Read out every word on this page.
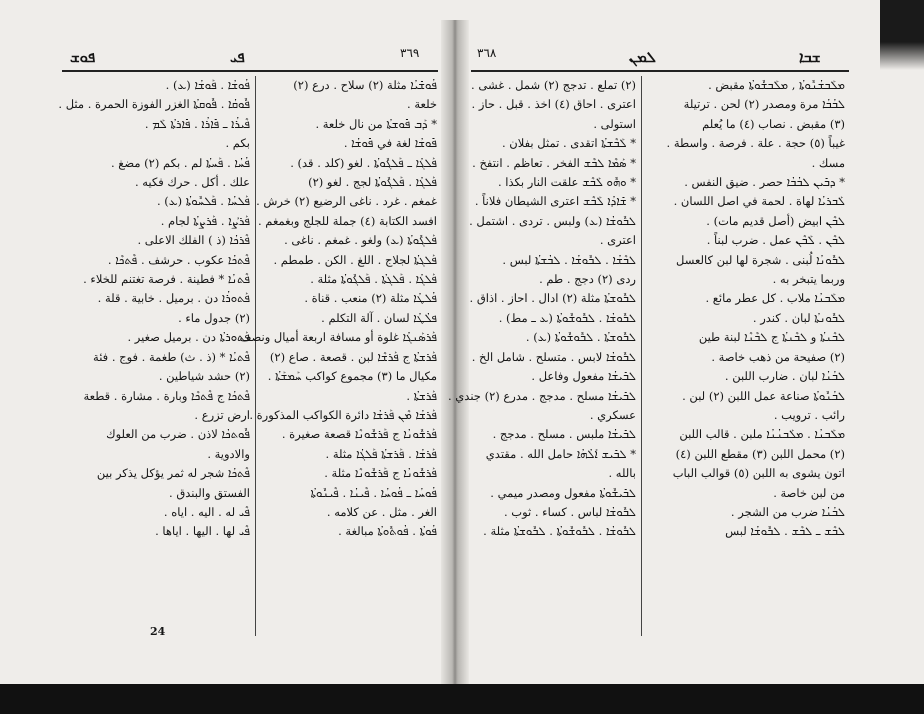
ܦܘܫ	ܦܝ	٣٦٩
ܦܳܘܫܳܐ . ܦܰܘܫܳܐ (ܥ) .
ܦܽܘܩܳܐ . ܦܽܘܩܬܳܐ الغزر الفوزة الحمرة . مثل .
ܦܶܝܪܳܐ ـ ܦܺܐܪܳܐ . ܦܺܐܪܬܳܐ ܠܰܡ .
بكم .
ܦܳܚܳܐ . ܦܰܚܬܳܐ لم . بكم (٢) مضغ .
علك . أكل . حرك فكيه .
ܦܰܠܚܳܐ . ܦܰܠܚܽܘܬܳܐ (ܥ) .
ܦܰܪܨܳܐ . ܦܰܪܨܬܳܐ لجام .
ܦܶܪܟܳܐ (ذ ) الفلك الاعلى .
ܦܶܬܟܳܐ عكوب . حرشف . ܦܶܬܟܶܐ .
ܦܶܬܢܳܐ * فطينة . فرصة تغتنم للخلاء .
ܦܰܬܘܪܳܐ دن . برميل . خابية . قلة .
(٢) جدول ماء .
ܦܰܬܘܪܬܳܐ دن . برميل صغير .
ܦܶܬܝܳܐ * (ذ . ث) طغمة . فوج . فئة
(٢) حشد شياطين .
ܦܶܬܟܳܐ ج ܦܶܬܟܶܐ وبارة . مشارة . قطعة
ارض تزرع .
ܦܽܘܬܟܳܐ لاذن . ضرب من العلوك
والادوية .
ܦܶܬܟܳܐ شجر له ثمر يؤكل يذكر بين
الفستق والبندق .
ܦܶܝ له . اليه . اياه .
ܦܶܝ لها . اليها . اياها .
ܦܳܘܫܺܝܳܐ مثلة (٢) سلاح . درع (٢)
خلعة .
* ܕܰܒ ܦܺܘܫܬܳܐ من نال خلعة .
ܦܺܘܫܳܐ لغة في ܦܺܘܫܳܐ .
ܦܰܠܓܳܐ ـ ܦܰܠܓܽܘܬܳܐ . لغو (كلد . قد) .
ܦܰܠܓܳܐ . ܦܰܠܓܽܘܬܳܐ لجج . لغو (٢)
غمغم . غرد . ناغى الرضيع (٢) خرش .
افسد الكتابة (٤) جملة للجلج وبغمغم .
ܦܰܠܓܽܘܬܳܐ (ܥ) ولغو . غمغم . ناغى .
ܦܰܠܓܬܳܐ لجلاج . اللغ . الكن . طمطم .
ܦܰܠܓܳܐ . ܦܰܠܓܬܳܐ . ܦܰܠܓܽܘܬܳܐ مثلة .
ܦܳܠܛܳܐ مثلة (٢) منعب . قناة .
ܦܠܳܛܳܐ لسان . آلة التكلم .
ܦܰܪܣܰܢܓܳܐ غلوة أو مسافة اربعة أميال ونصف .
ܦܰܪܫܬܳܐ ج ܦܰܪܫܶܐ لبن . قصعة . صاع (٢)
مكيال ما (٣) مجموع كواكب ܚܰܡܫܰܬܳܐ .
ܦܰܪܫܬܳܐ .
ܦܰܪܫܳܐ ܡܶܢ ܦܰܪܫܳܐ دائرة الكواكب المذكورة .
ܦܰܪܫܽܘܢܳܐ ج ܦܰܪܫܽܘܢܶܐ قصعة صغيرة .
ܦܰܪܫܳܐ . ܦܰܪܫܬܳܐ ܦܰܠܓܳܐ مثلة .
ܦܰܪܫܽܘܢܳܐ ج ܦܰܪܫܽܘܢܶܐ مثلة .
ܦܳܘܚܳܐ ـ ܦܳܘܚܳܐ . ܦܶܝܢܳܐ . ܦܶܝܢܽܘܬܳܐ
الغر . مثل . عن كلامه .
ܦܳܘܬܳܐ . ܦܳܘܬܽܘܬܳܐ مبالغة .
24
٣٦٨	ܠܡܢ	ܫܒܐ
(٢) تملع . تدجج (٢) شمل . غشى .
اعترى . احاق (٤) اخذ . قبل . حاز .
استولى .
* ܠܰܒܶܫܬܳܐ اتقدى . تمثل بفلان .
* ܣܰܡܶܐ ܠܒܶܫ الفخر . تعاظم . انتفخ .
* ܘܗܽܘ ܠܰܒܶܫ علقت النار بكذا .
* ܫܺܐܕܳܐ ܠܰܒܶܫ اعترى الشيطان فلاناً .
ܠܒܽܘܫܳܐ (ܥ) ولبس . تردى . اشتمل .
اعترى .
ܠܒܶܫܳܐ . ܠܒܽܘܫܳܐ . ܠܒܳܫܬܳܐ لبس .
ردى (٢) دجج . طم .
ܠܒܽܘܫܬܳܐ مثلة (٢) ادال . احاز . اذاق .
ܠܒܽܘܫܳܐ . ܠܒܽܘܫܽܘܬܳܐ (ܥ ـ مط) .
ܠܒܽܘܫܬܳܐ . ܠܒܽܘܫܽܘܬܳܐ (ܥ) .
ܠܒܽܘܫܳܐ لابس . متسلح . شامل الخ .
ܠܒܺܝܫܳܐ مفعول وفاعل .
ܠܒܺܝܫܳܐ مسلح . مدجج . مدرع (٢) جندي .
عسكري .
ܠܒܺܝܫܳܐ ملبس . مسلح . مدجج .
* ܠܒܺܝܫ ܐܰܠܳܗܳܐ حامل الله . مقتدي
بالله .
ܠܒܺܝܫܽܘܬܳܐ مفعول ومصدر ميمي .
ܠܒܽܘܫܳܐ لباس . كساء . ثوب .
ܠܒܽܘܫܳܐ . ܠܒܽܘܫܽܘܬܳܐ . ܠܒܽܘܫܬܳܐ مثلة .
ܡܠܰܒܫܳܢܽܘܬܳܐ , ܡܠܰܒܫܽܘܬܳܐ مقبض .
ܠܒܳܒܳܐ مرة ومصدر (٢) لحن . ترتيلة
(٣) مقبض . نصاب (٤) ما يُعلم
غيباً (٥) حجة . علة . فرصة . واسطة .
مسك .
* ܕܒܺܝܢ ܠܒܳܒܳܐ حصر . ضيق النفس .
ܠܰܒܪܝܳܐ لهاة . لحمة في اصل اللسان .
ܠܒܶܢ ابيض (أصل قديم مات) .
ܠܒܶܢ . ܠܰܒܶܢ عمل . ضرب لبناً .
ܠܒܽܘܢܳܐ لُبنى . شجرة لها لبن كالعسل
وربما يتبخر به .
ܡܠܰܒܢܳܐ ملاب . كل عطر مائع .
ܠܒܽܘܢܬܳܐ لبان . كندر .
ܠܒܶܢܬܳܐ و ܠܒܶܢܬܳܐ ج ܠܒܶܢܶܐ لبنة طين
(٢) صفيحة من ذهب خاصة .
ܠܒܳܢܳܐ لبان . ضارب اللبن .
ܠܒܳܢܽܘܬܳܐ صناعة عمل اللبن (٢) لبن .
رائب . ترويب .
ܡܠܰܒܢܳܐ . ܡܠܰܒܢܳܢܳܐ ملبن . قالب اللبن
(٢) محمل اللبن (٣) مقطع اللبن (٤)
اتون يشوى به اللبن (٥) قوالب الباب
من لبن خاصة .
ܠܒܳܢܳܐ ضرب من الشجر .
ܠܒܶܫ ـ ܠܒܶܫ . ܠܒܽܘܫܳܐ لبس
